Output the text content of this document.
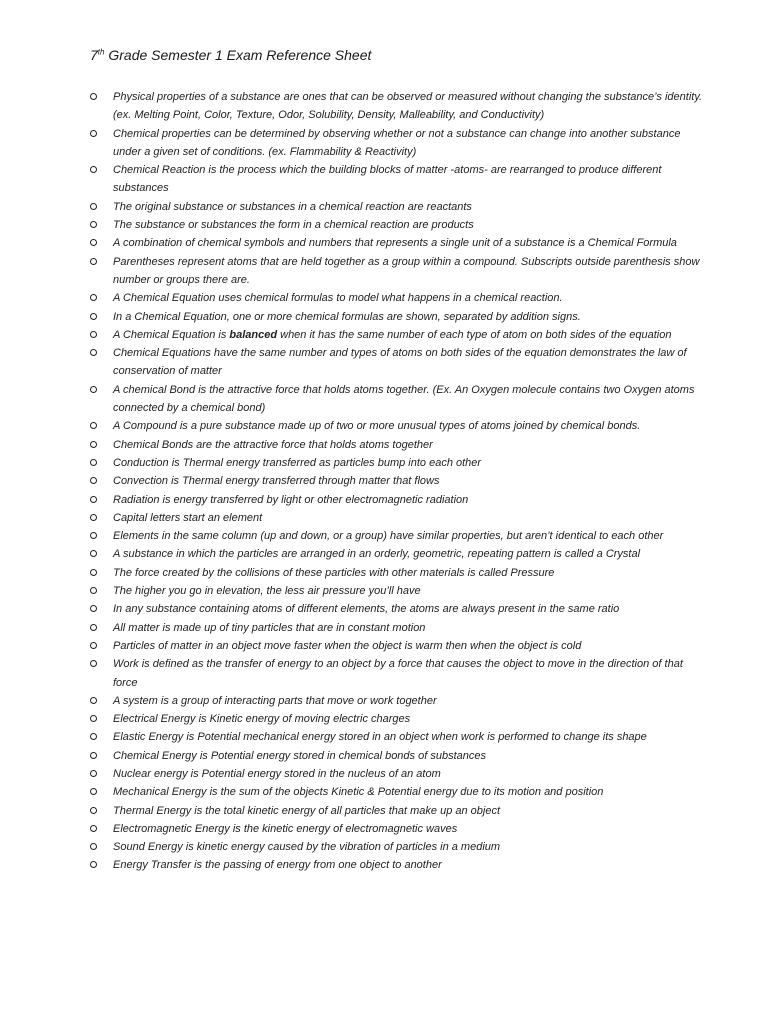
7th Grade Semester 1 Exam Reference Sheet
Physical properties of a substance are ones that can be observed or measured without changing the substance’s identity. (ex. Melting Point, Color, Texture, Odor, Solubility, Density, Malleability, and Conductivity)
Chemical properties can be determined by observing whether or not a substance can change into another substance under a given set of conditions. (ex. Flammability & Reactivity)
Chemical Reaction is the process which the building blocks of matter -atoms- are rearranged to produce different substances
The original substance or substances in a chemical reaction are reactants
The substance or substances the form in a chemical reaction are products
A combination of chemical symbols and numbers that represents a single unit of a substance is a Chemical Formula
Parentheses represent atoms that are held together as a group within a compound. Subscripts outside parenthesis show number or groups there are.
A Chemical Equation uses chemical formulas to model what happens in a chemical reaction.
In a Chemical Equation, one or more chemical formulas are shown, separated by addition signs.
A Chemical Equation is balanced when it has the same number of each type of atom on both sides of the equation
Chemical Equations have the same number and types of atoms on both sides of the equation demonstrates the law of conservation of matter
A chemical Bond is the attractive force that holds atoms together. (Ex. An Oxygen molecule contains two Oxygen atoms connected by a chemical bond)
A Compound is a pure substance made up of two or more unusual types of atoms joined by chemical bonds.
Chemical Bonds are the attractive force that holds atoms together
Conduction is Thermal energy transferred as particles bump into each other
Convection is Thermal energy transferred through matter that flows
Radiation is energy transferred by light or other electromagnetic radiation
Capital letters start an element
Elements in the same column (up and down, or a group) have similar properties, but aren’t identical to each other
A substance in which the particles are arranged in an orderly, geometric, repeating pattern is called a Crystal
The force created by the collisions of these particles with other materials is called Pressure
The higher you go in elevation, the less air pressure you’ll have
In any substance containing atoms of different elements, the atoms are always present in the same ratio
All matter is made up of tiny particles that are in constant motion
Particles of matter in an object move faster when the object is warm then when the object is cold
Work is defined as the transfer of energy to an object by a force that causes the object to move in the direction of that force
A system is a group of interacting parts that move or work together
Electrical Energy is Kinetic energy of moving electric charges
Elastic Energy is Potential mechanical energy stored in an object when work is performed to change its shape
Chemical Energy is Potential energy stored in chemical bonds of substances
Nuclear energy is Potential energy stored in the nucleus of an atom
Mechanical Energy is the sum of the objects Kinetic & Potential energy due to its motion and position
Thermal Energy is the total kinetic energy of all particles that make up an object
Electromagnetic Energy is the kinetic energy of electromagnetic waves
Sound Energy is kinetic energy caused by the vibration of particles in a medium
Energy Transfer is the passing of energy from one object to another
